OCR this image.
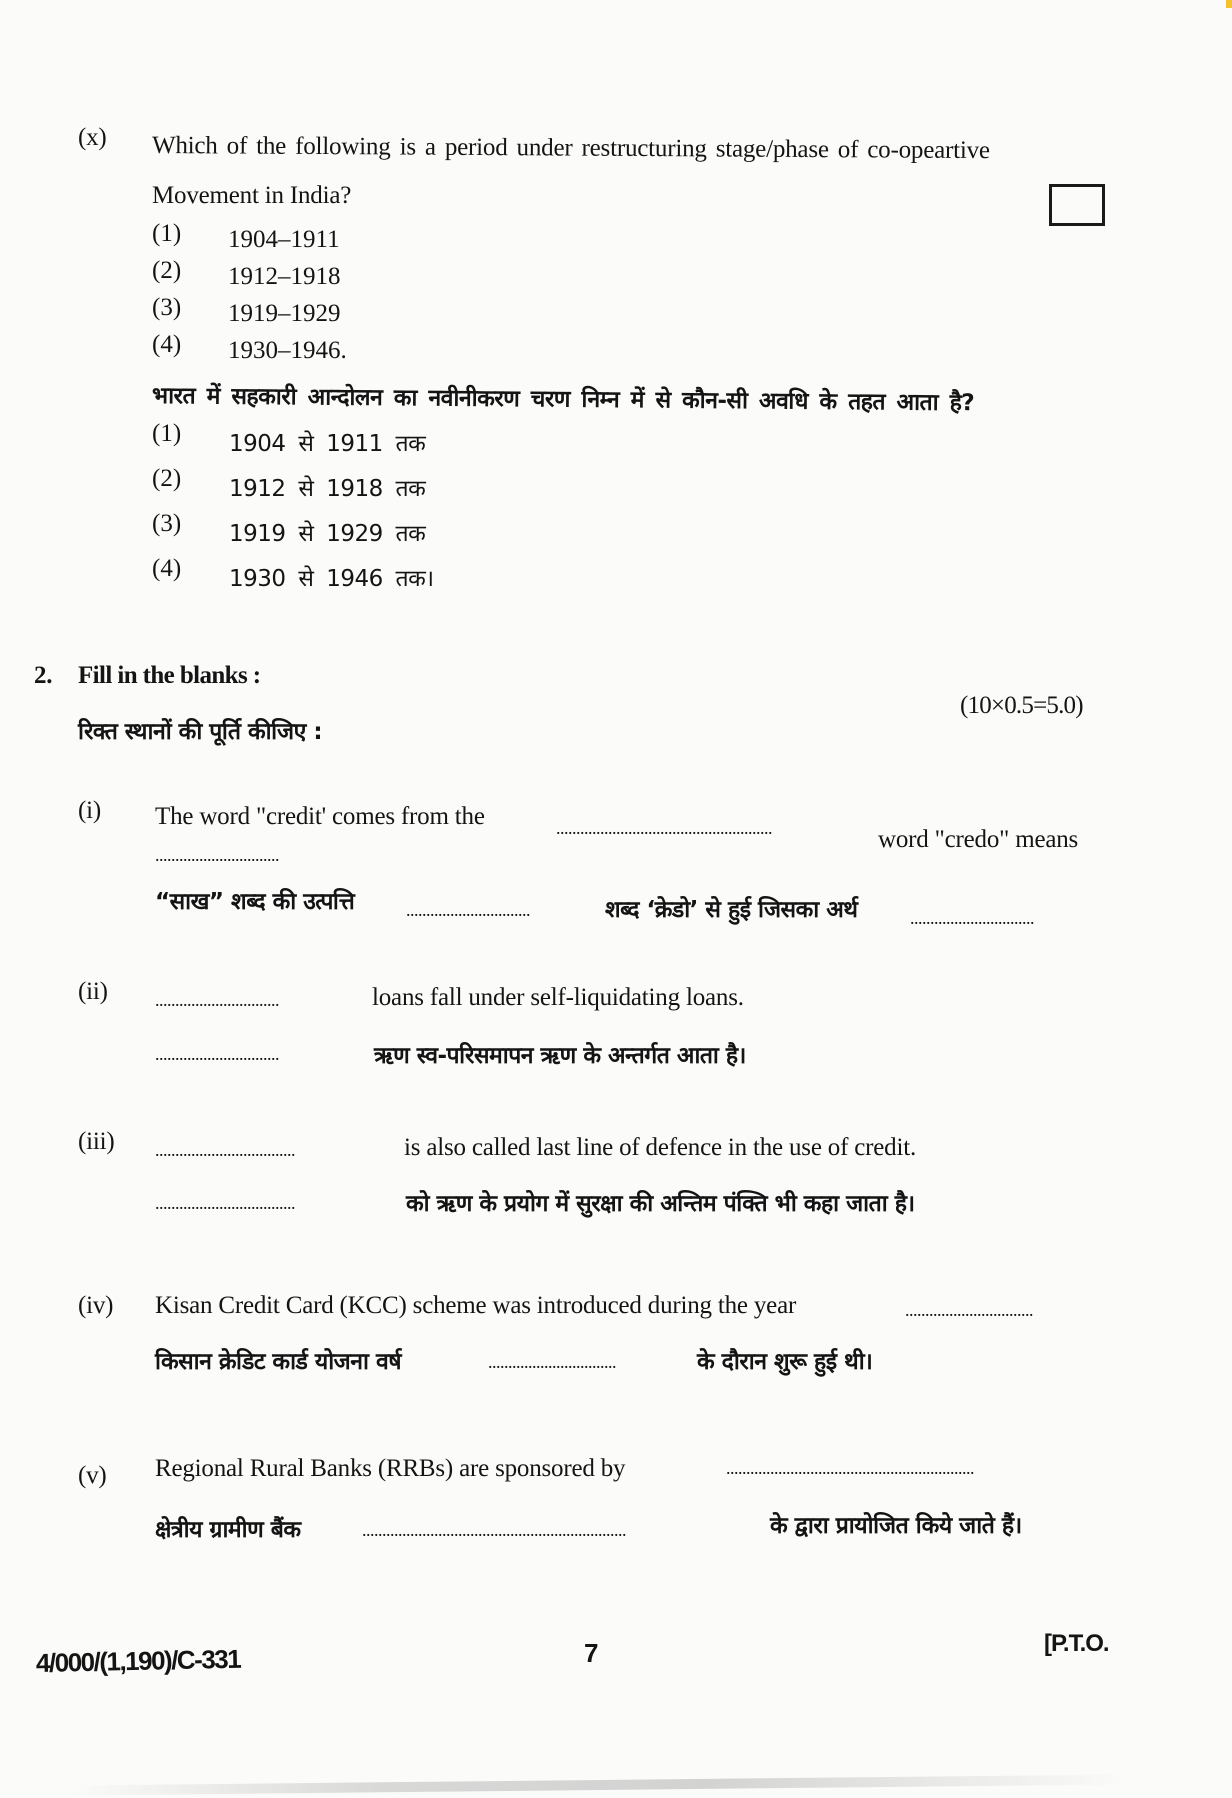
(x) Which of the following is a period under restructuring stage/phase of co-opeartive
Movement in India?
(1) 1904–1911
(2) 1912–1918
(3) 1919–1929
(4) 1930–1946.
भारत में सहकारी आन्दोलन का नवीनीकरण चरण निम्न में से कौन-सी अवधि के तहत आता है?
(1) 1904 से 1911 तक
(2) 1912 से 1918 तक
(3) 1919 से 1929 तक
(4) 1930 से 1946 तक।
2. Fill in the blanks :
रिक्त स्थानों की पूर्ति कीजिए :
(10×0.5=5.0)
(i) The word "credit' comes from the	......................................................	word "credo" means
...............................
“साख” शब्द की उत्पत्ति	...............................	शब्द ‘क्रेडो’ से हुई जिसका अर्थ	...............................
(ii)	...............................	loans fall under self-liquidating loans.
...............................	ऋण स्व-परिसमापन ऋण के अन्तर्गत आता है।
(iii) ...................................	is also called last line of defence in the use of credit.
...................................	को ऋण के प्रयोग में सुरक्षा की अन्तिम पंक्ति भी कहा जाता है।
(iv) Kisan Credit Card (KCC) scheme was introduced during the year	................................
किसान क्रेडिट कार्ड योजना वर्ष	................................	के दौरान शुरू हुई थी।
(v) Regional Rural Banks (RRBs) are sponsored by	..............................................................
क्षेत्रीय ग्रामीण बैंक	..................................................................	के द्वारा प्रायोजित किये जाते हैं।
4/000/(1,190)/C-331	7	[P.T.O.
